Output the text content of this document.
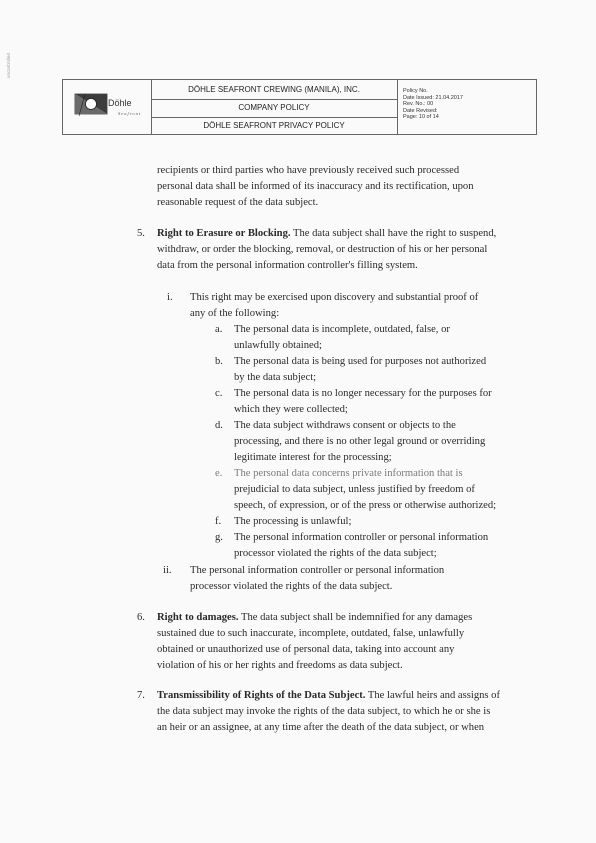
uncontrolled
Döhle
Seafront
DÖHLE SEAFRONT CREWING (MANILA), INC.
COMPANY POLICY
DÖHLE SEAFRONT PRIVACY POLICY
Policy No.
Date Issued: 21.04.2017
Rev. No.: 00
Date Revised:
Page: 10 of 14
recipients or third parties who have previously received such processed
personal data shall be informed of its inaccuracy and its rectification, upon
reasonable request of the data subject.
5. Right to Erasure or Blocking. The data subject shall have the right to suspend,
withdraw, or order the blocking, removal, or destruction of his or her personal
data from the personal information controller's filling system.
i. This right may be exercised upon discovery and substantial proof of
any of the following:
a. The personal data is incomplete, outdated, false, or
unlawfully obtained;
b. The personal data is being used for purposes not authorized
by the data subject;
c. The personal data is no longer necessary for the purposes for
which they were collected;
d. The data subject withdraws consent or objects to the
processing, and there is no other legal ground or overriding
legitimate interest for the processing;
e. The personal data concerns private information that is
prejudicial to data subject, unless justified by freedom of
speech, of expression, or of the press or otherwise authorized;
f. The processing is unlawful;
g. The personal information controller or personal information
processor violated the rights of the data subject;
ii. The personal information controller or personal information
processor violated the rights of the data subject.
6. Right to damages. The data subject shall be indemnified for any damages
sustained due to such inaccurate, incomplete, outdated, false, unlawfully
obtained or unauthorized use of personal data, taking into account any
violation of his or her rights and freedoms as data subject.
7. Transmissibility of Rights of the Data Subject. The lawful heirs and assigns of
the data subject may invoke the rights of the data subject, to which he or she is
an heir or an assignee, at any time after the death of the data subject, or when
